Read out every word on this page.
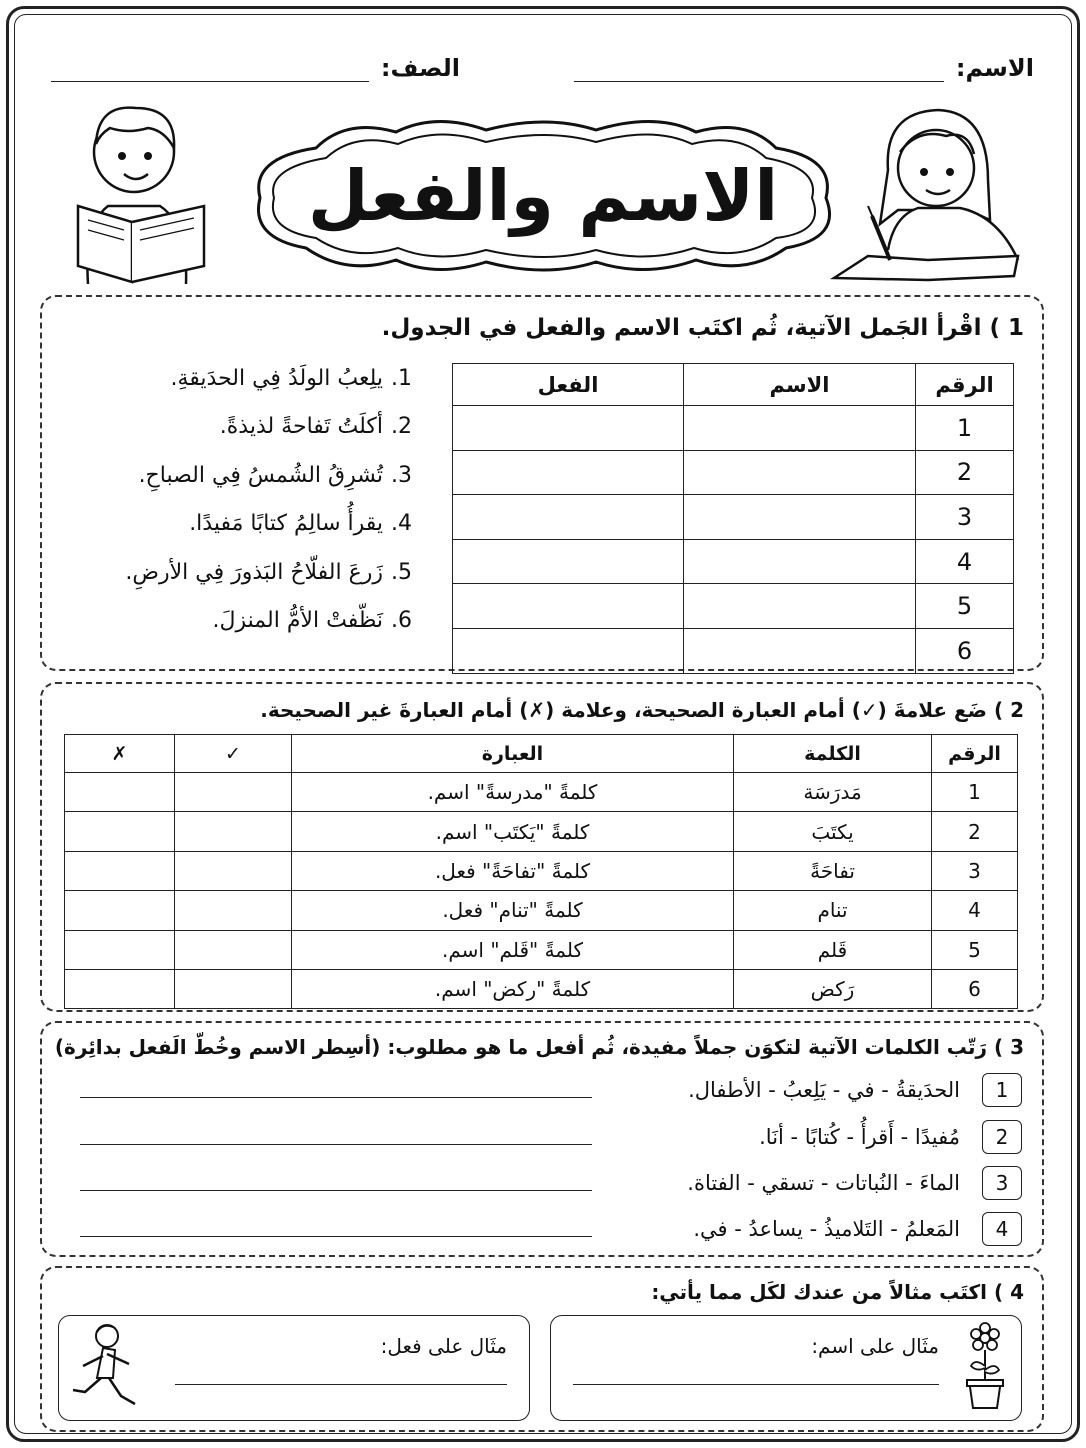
الاسم:
الصف:
الاسم والفعل
1 ) اقْرأ الجَمل الآتية، ثُم اكتَب الاسم والفعل في الجدول.
1.يلِعبُ الولَدُ فِي الحدَيقةِ.
2.أكلَتُ تَفاحةً لذيذةً.
3.تُشرِقُ الشُمسُ فِي الصباحِ.
4.يقرأُ سالِمُ كتابًا مَفيدًا.
5.زَرعَ الفلّاحُ البَذورَ فِي الأرضِ.
6.نَظّفتْ الأمُّ المنزلَ.
الرقم	الاسم	الفعل
1		
2		
3		
4		
5		
6		
2 ) ضَع علامةَ (✓) أمام العبارة الصحيحة، وعلامة (✗) أمام العبارةَ غير الصحيحة.
الرقم	الكلمة	العبارة	✓	✗
1	مَدرَسَة	كلمةً "مدرسةً" اسم.		
2	يكتَبَ	كلمةً "يَكتَب" اسم.		
3	تفاحَةً	كلمةً "تفاحَةً" فعل.		
4	تنام	كلمةً "تنام" فعل.		
5	قَلم	كلمةً "قَلم" اسم.		
6	رَكض	كلمةً "ركض" اسم.		
3 ) رَتّب الكلمات الآتية لتكوَن جملاً مفيدة، ثُم أفعل ما هو مطلوب: (أسِطر الاسم وخُطّ الَفعل بدائِرة)
1
الحدَيقةُ - في - يَلِعبُ - الأطفال.
2
مُفيدًا - أَقرأُ - كُتابًا - أنَا.
3
الماءَ - النُباتات - تسقي - الفتاة.
4
المَعلمُ - التَلاميذُ - يساعدُ - في.
4 ) اكتَب مثالاً من عندك لكَل مما يأتي:
مثَال على اسم:
مثَال على فعل:
